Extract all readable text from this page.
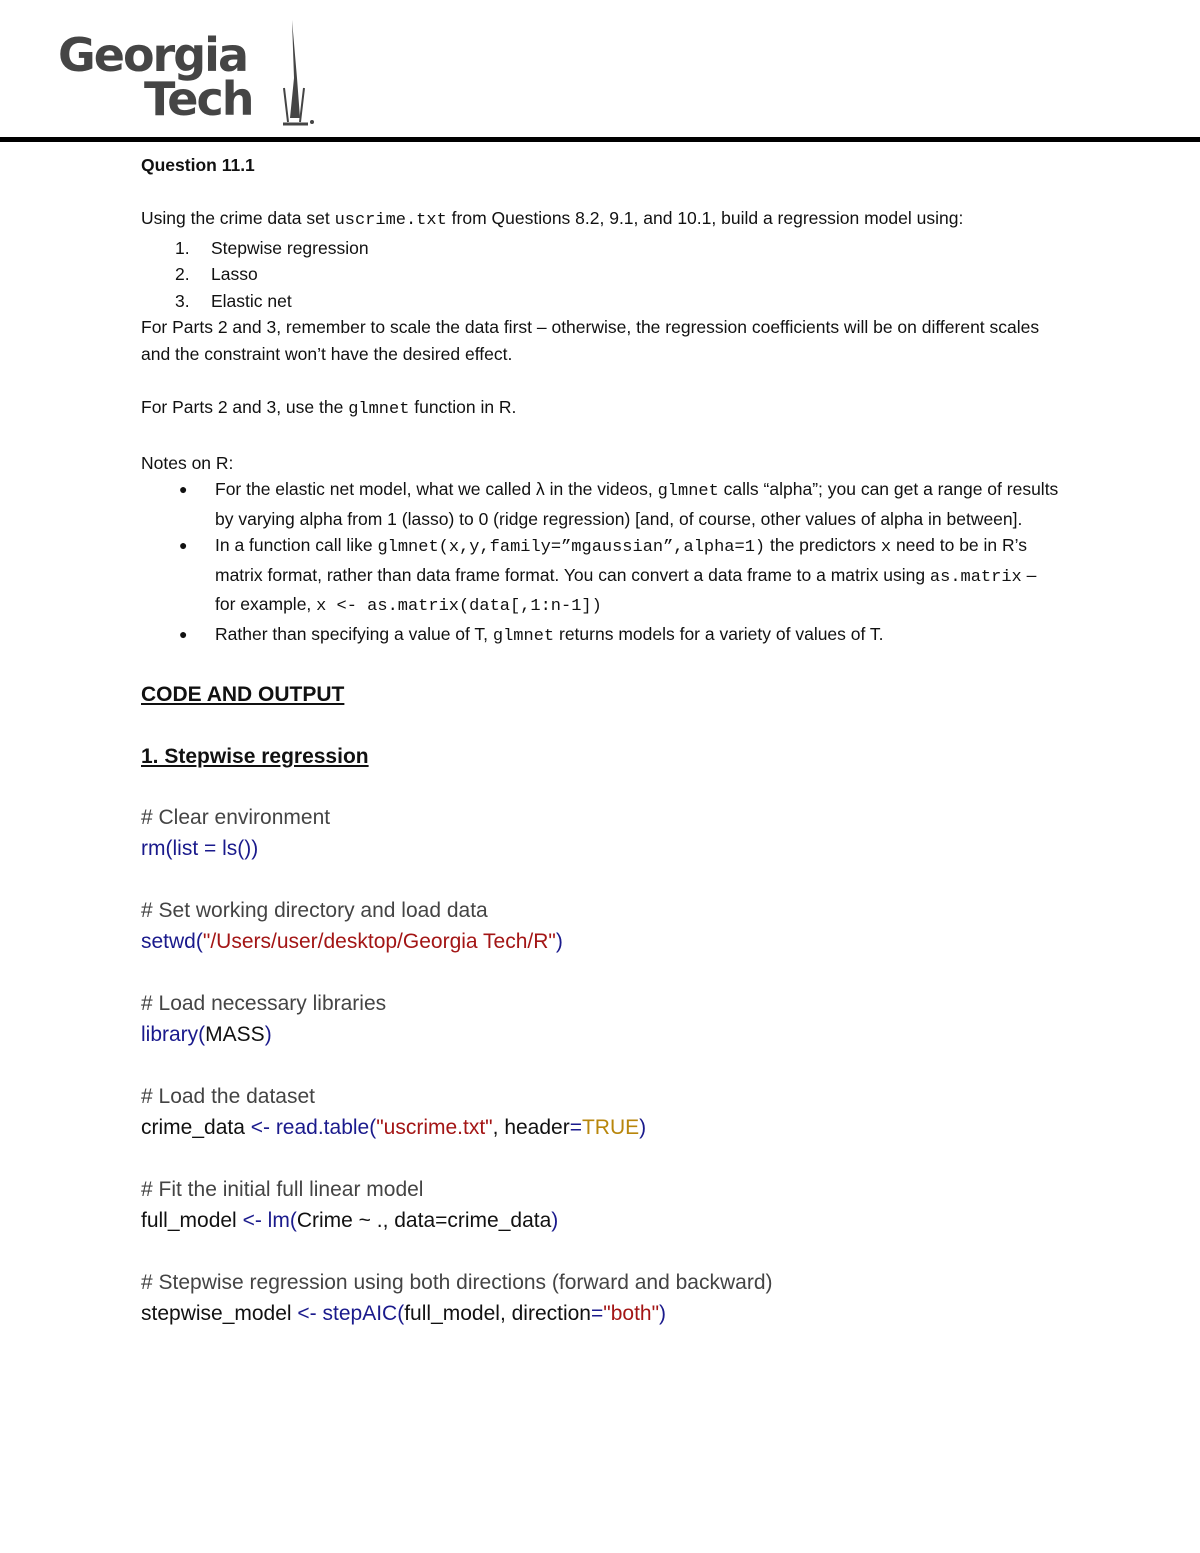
Georgia
Tech

Question 11.1

Using the crime data set uscrime.txt from Questions 8.2, 9.1, and 10.1, build a regression model using:

1. Stepwise regression
2. Lasso
3. Elastic net

For Parts 2 and 3, remember to scale the data first – otherwise, the regression coefficients will be on different scales and the constraint won’t have the desired effect.

For Parts 2 and 3, use the glmnet function in R.

Notes on R:

● For the elastic net model, what we called λ in the videos, glmnet calls “alpha”; you can get a range of results by varying alpha from 1 (lasso) to 0 (ridge regression) [and, of course, other values of alpha in between].
● In a function call like glmnet(x,y,family=”mgaussian”,alpha=1) the predictors x need to be in R’s matrix format, rather than data frame format. You can convert a data frame to a matrix using as.matrix – for example, x <- as.matrix(data[,1:n-1])
● Rather than specifying a value of T, glmnet returns models for a variety of values of T.

CODE AND OUTPUT

1. Stepwise regression

# Clear environment
rm(list = ls())

# Set working directory and load data
setwd("/Users/user/desktop/Georgia Tech/R")

# Load necessary libraries
library(MASS)

# Load the dataset
crime_data <- read.table("uscrime.txt", header=TRUE)

# Fit the initial full linear model
full_model <- lm(Crime ~ ., data=crime_data)

# Stepwise regression using both directions (forward and backward)
stepwise_model <- stepAIC(full_model, direction="both")
